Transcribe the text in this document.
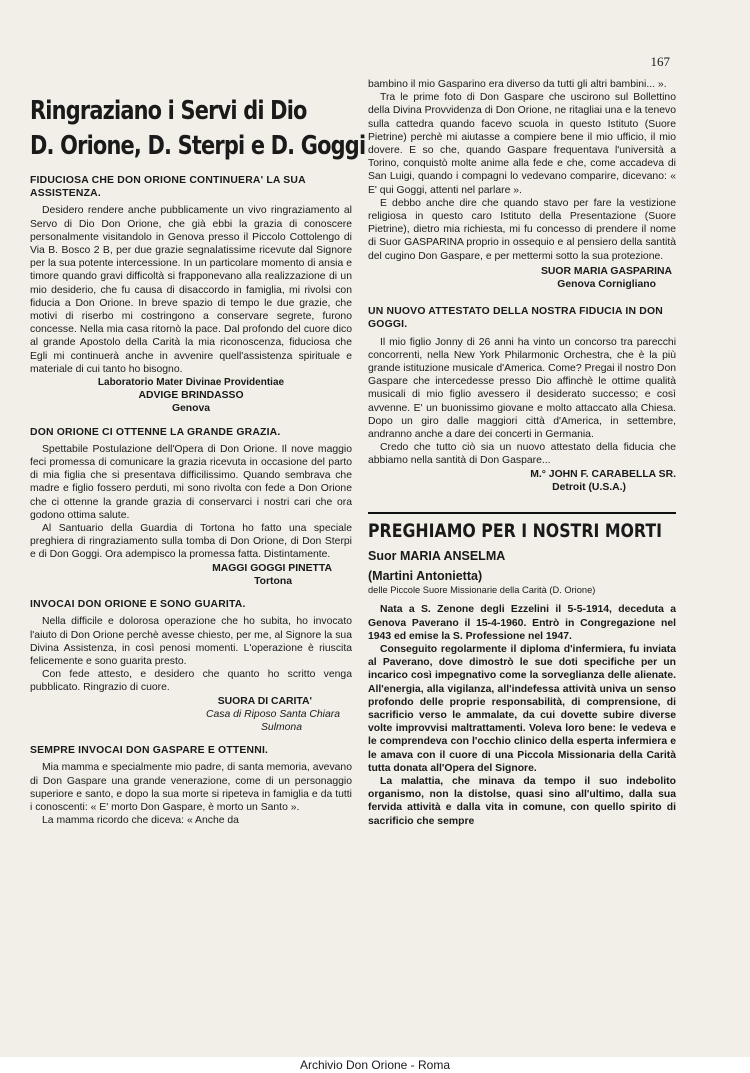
167
Ringraziano i Servi di Dio
D. Orione, D. Sterpi e D. Goggi
FIDUCIOSA CHE DON ORIONE CONTINUERA' LA SUA ASSISTENZA.

Desidero rendere anche pubblicamente un vivo ringraziamento al Servo di Dio Don Orione, che già ebbi la grazia di conoscere personalmente visitandolo in Genova presso il Piccolo Cottolengo di Via B. Bosco 2 B, per due grazie segnalatissime ricevute dal Signore per la sua potente intercessione. In un particolare momento di ansia e timore quando gravi difficoltà si frapponevano alla realizzazione di un mio desiderio, che fu causa di disaccordo in famiglia, mi rivolsi con fiducia a Don Orione. In breve spazio di tempo le due grazie, che motivi di riserbo mi costringono a conservare segrete, furono concesse. Nella mia casa ritornò la pace. Dal profondo del cuore dico al grande Apostolo della Carità la mia riconoscenza, fiduciosa che Egli mi continuerà anche in avvenire quell'assistenza spirituale e materiale di cui tanto ho bisogno.

Laboratorio Mater Divinae Providentiae
ADVIGE BRINDASSO
Genova
DON ORIONE CI OTTENNE LA GRANDE GRAZIA.

Spettabile Postulazione dell'Opera di Don Orione. Il nove maggio feci promessa di comunicare la grazia ricevuta in occasione del parto di mia figlia che si presentava difficilissimo. Quando sembrava che madre e figlio fossero perduti, mi sono rivolta con fede a Don Orione che ci ottenne la grande grazia di conservarci i nostri cari che ora godono ottima salute.

Al Santuario della Guardia di Tortona ho fatto una speciale preghiera di ringraziamento sulla tomba di Don Orione, di Don Sterpi e di Don Goggi. Ora adempisco la promessa fatta. Distintamente.

MAGGI GOGGI PINETTA
Tortona
INVOCAI DON ORIONE E SONO GUARITA.

Nella difficile e dolorosa operazione che ho subita, ho invocato l'aiuto di Don Orione perchè avesse chiesto, per me, al Signore la sua Divina Assistenza, in così penosi momenti. L'operazione è riuscita felicemente e sono guarita presto.

Con fede attesto, e desidero che quanto ho scritto venga pubblicato. Ringrazio di cuore.

SUORA DI CARITA'
Casa di Riposo Santa Chiara
Sulmona
SEMPRE INVOCAI DON GASPARE E OTTENNI.

Mia mamma e specialmente mio padre, di santa memoria, avevano di Don Gaspare una grande venerazione, come di un personaggio superiore e santo, e dopo la sua morte si ripeteva in famiglia e da tutti i conoscenti: « E' morto Don Gaspare, è morto un Santo ».

La mamma ricordo che diceva: « Anche da

bambino il mio Gasparino era diverso da tutti gli altri bambini... ».

Tra le prime foto di Don Gaspare che uscirono sul Bollettino della Divina Provvidenza di Don Orione, ne ritagliai una e la tenevo sulla cattedra quando facevo scuola in questo Istituto (Suore Pietrine) perchè mi aiutasse a compiere bene il mio ufficio, il mio dovere. E so che, quando Gaspare frequentava l'università a Torino, conquistò molte anime alla fede e che, come accadeva di San Luigi, quando i compagni lo vedevano comparire, dicevano: « E' qui Goggi, attenti nel parlare ».

E debbo anche dire che quando stavo per fare la vestizione religiosa in questo caro Istituto della Presentazione (Suore Pietrine), dietro mia richiesta, mi fu concesso di prendere il nome di Suor GASPARINA proprio in ossequio e al pensiero della santità del cugino Don Gaspare, e per mettermi sotto la sua protezione.

SUOR MARIA GASPARINA
Genova Cornigliano
UN NUOVO ATTESTATO DELLA NOSTRA FIDUCIA IN DON GOGGI.

Il mio figlio Jonny di 26 anni ha vinto un concorso tra parecchi concorrenti, nella New York Philarmonic Orchestra, che è la più grande istituzione musicale d'America. Come? Pregai il nostro Don Gaspare che intercedesse presso Dio affinchè le ottime qualità musicali di mio figlio avessero il desiderato successo; e così avvenne. E' un buonissimo giovane e molto attaccato alla Chiesa. Dopo un giro dalle maggiori città d'America, in settembre, andranno anche a dare dei concerti in Germania.

Credo che tutto ciò sia un nuovo attestato della fiducia che abbiamo nella santità di Don Gaspare...

M.° JOHN F. CARABELLA SR.
Detroit (U.S.A.)
PREGHIAMO PER I NOSTRI MORTI
Suor MARIA ANSELMA
(Martini Antonietta)
delle Piccole Suore Missionarie della Carità (D. Orione)

Nata a S. Zenone degli Ezzelini il 5-5-1914, deceduta a Genova Paverano il 15-4-1960. Entrò in Congregazione nel 1943 ed emise la S. Professione nel 1947.

Conseguito regolarmente il diploma d'infermiera, fu inviata al Paverano, dove dimostrò le sue doti specifiche per un incarico così impegnativo come la sorveglianza delle alienate. All'energia, alla vigilanza, all'indefessa attività univa un senso profondo delle proprie responsabilità, di comprensione, di sacrificio verso le ammalate, da cui dovette subire diverse volte improvvisi maltrattamenti. Voleva loro bene: le vedeva e le comprendeva con l'occhio clinico della esperta infermiera e le amava con il cuore di una Piccola Missionaria della Carità tutta donata all'Opera del Signore.

La malattia, che minava da tempo il suo indebolito organismo, non la distolse, quasi sino all'ultimo, dalla sua fervida attività e dalla vita in comune, con quello spirito di sacrificio che sempre

Archivio Don Orione - Roma
